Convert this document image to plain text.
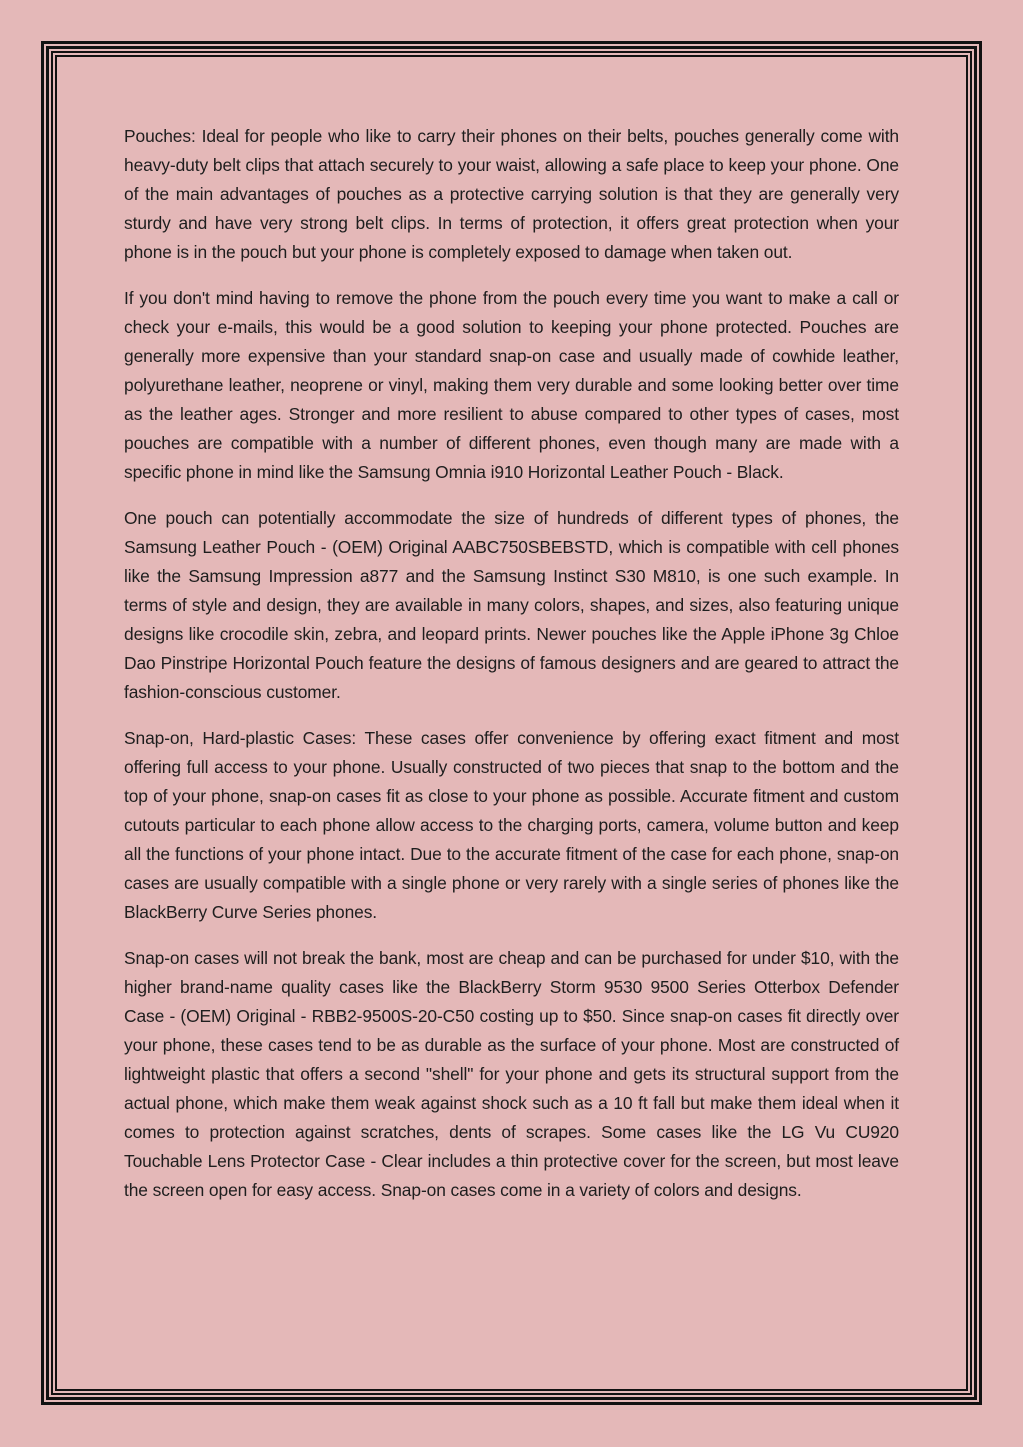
Pouches: Ideal for people who like to carry their phones on their belts, pouches generally come with heavy-duty belt clips that attach securely to your waist, allowing a safe place to keep your phone. One of the main advantages of pouches as a protective carrying solution is that they are generally very sturdy and have very strong belt clips. In terms of protection, it offers great protection when your phone is in the pouch but your phone is completely exposed to damage when taken out.

If you don't mind having to remove the phone from the pouch every time you want to make a call or check your e-mails, this would be a good solution to keeping your phone protected. Pouches are generally more expensive than your standard snap-on case and usually made of cowhide leather, polyurethane leather, neoprene or vinyl, making them very durable and some looking better over time as the leather ages. Stronger and more resilient to abuse compared to other types of cases, most pouches are compatible with a number of different phones, even though many are made with a specific phone in mind like the Samsung Omnia i910 Horizontal Leather Pouch - Black.

One pouch can potentially accommodate the size of hundreds of different types of phones, the Samsung Leather Pouch - (OEM) Original AABC750SBEBSTD, which is compatible with cell phones like the Samsung Impression a877 and the Samsung Instinct S30 M810, is one such example. In terms of style and design, they are available in many colors, shapes, and sizes, also featuring unique designs like crocodile skin, zebra, and leopard prints. Newer pouches like the Apple iPhone 3g Chloe Dao Pinstripe Horizontal Pouch feature the designs of famous designers and are geared to attract the fashion-conscious customer.

Snap-on, Hard-plastic Cases: These cases offer convenience by offering exact fitment and most offering full access to your phone. Usually constructed of two pieces that snap to the bottom and the top of your phone, snap-on cases fit as close to your phone as possible. Accurate fitment and custom cutouts particular to each phone allow access to the charging ports, camera, volume button and keep all the functions of your phone intact. Due to the accurate fitment of the case for each phone, snap-on cases are usually compatible with a single phone or very rarely with a single series of phones like the BlackBerry Curve Series phones.

Snap-on cases will not break the bank, most are cheap and can be purchased for under $10, with the higher brand-name quality cases like the BlackBerry Storm 9530 9500 Series Otterbox Defender Case - (OEM) Original - RBB2-9500S-20-C50 costing up to $50. Since snap-on cases fit directly over your phone, these cases tend to be as durable as the surface of your phone. Most are constructed of lightweight plastic that offers a second "shell" for your phone and gets its structural support from the actual phone, which make them weak against shock such as a 10 ft fall but make them ideal when it comes to protection against scratches, dents of scrapes. Some cases like the LG Vu CU920 Touchable Lens Protector Case - Clear includes a thin protective cover for the screen, but most leave the screen open for easy access. Snap-on cases come in a variety of colors and designs.
